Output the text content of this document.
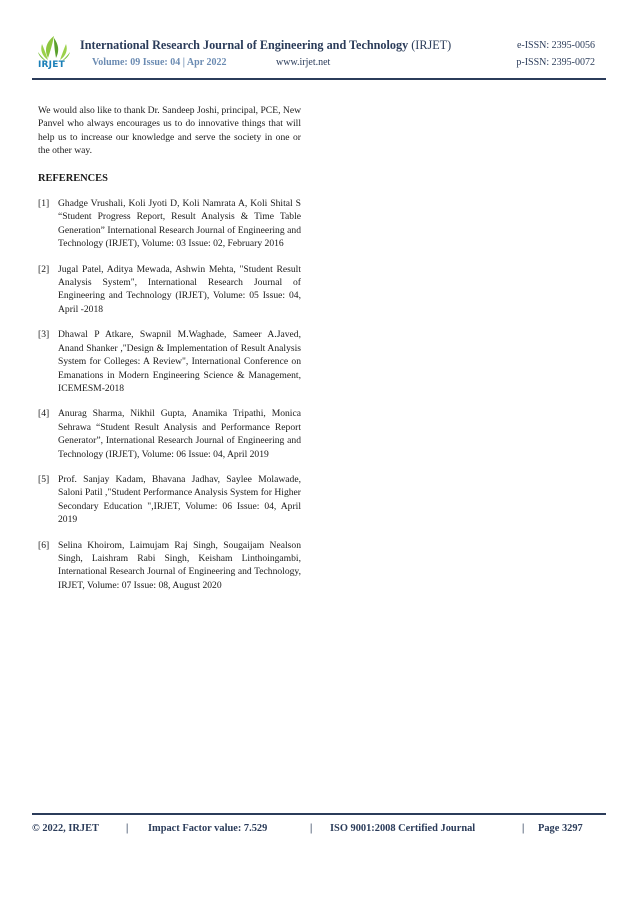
IRJET
International Research Journal of Engineering and Technology (IRJET)	e-ISSN: 2395-0056
Volume: 09 Issue: 04 | Apr 2022	www.irjet.net	p-ISSN: 2395-0072

We would also like to thank Dr. Sandeep Joshi, principal, PCE, New Panvel who always encourages us to do innovative things that will help us to increase our knowledge and serve the society in one or the other way.

REFERENCES
[1] Ghadge Vrushali, Koli Jyoti D, Koli Namrata A, Koli Shital S “Student Progress Report, Result Analysis & Time Table Generation” International Research Journal of Engineering and Technology (IRJET), Volume: 03 Issue: 02, February 2016
[2] Jugal Patel, Aditya Mewada, Ashwin Mehta, "Student Result Analysis System", International Research Journal of Engineering and Technology (IRJET), Volume: 05 Issue: 04, April -2018
[3] Dhawal P Atkare, Swapnil M.Waghade, Sameer A.Javed, Anand Shanker ,"Design & Implementation of Result Analysis System for Colleges: A Review", International Conference on Emanations in Modern Engineering Science & Management, ICEMESM-2018
[4] Anurag Sharma, Nikhil Gupta, Anamika Tripathi, Monica Sehrawa “Student Result Analysis and Performance Report Generator”, International Research Journal of Engineering and Technology (IRJET), Volume: 06 Issue: 04, April 2019
[5] Prof. Sanjay Kadam, Bhavana Jadhav, Saylee Molawade, Saloni Patil ,"Student Performance Analysis System for Higher Secondary Education ",IRJET, Volume: 06 Issue: 04, April 2019
[6] Selina Khoirom, Laimujam Raj Singh, Sougaijam Nealson Singh, Laishram Rabi Singh, Keisham Linthoingambi, International Research Journal of Engineering and Technology, IRJET, Volume: 07 Issue: 08, August 2020
© 2022, IRJET	| Impact Factor value: 7.529	| ISO 9001:2008 Certified Journal	| Page 3297
